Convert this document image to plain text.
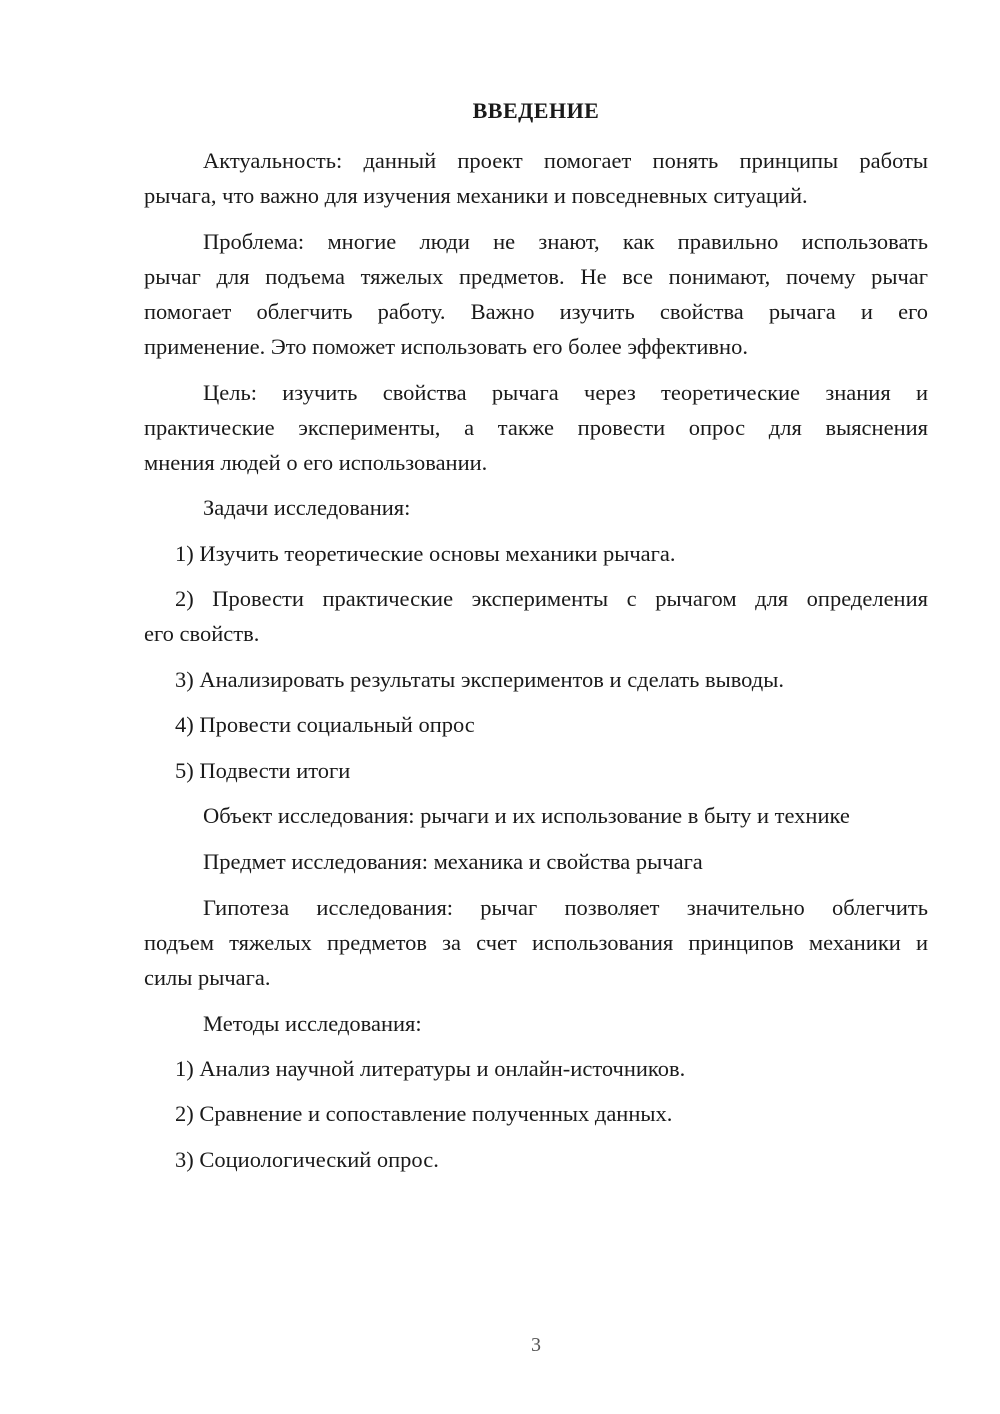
ВВЕДЕНИЕ
Актуальность: данный проект помогает понять принципы работы
рычага, что важно для изучения механики и повседневных ситуаций.
Проблема: многие люди не знают, как правильно использовать
рычаг для подъема тяжелых предметов. Не все понимают, почему рычаг
помогает облегчить работу. Важно изучить свойства рычага и его
применение. Это поможет использовать его более эффективно.
Цель: изучить свойства рычага через теоретические знания и
практические эксперименты, а также провести опрос для выяснения
мнения людей о его использовании.
Задачи исследования:
1) Изучить теоретические основы механики рычага.
2) Провести практические эксперименты с рычагом для определения
его свойств.
3) Анализировать результаты экспериментов и сделать выводы.
4) Провести социальный опрос
5) Подвести итоги
Объект исследования: рычаги и их использование в быту и технике
Предмет исследования: механика и свойства рычага
Гипотеза исследования: рычаг позволяет значительно облегчить
подъем тяжелых предметов за счет использования принципов механики и
силы рычага.
Методы исследования:
1) Анализ научной литературы и онлайн-источников.
2) Сравнение и сопоставление полученных данных.
3) Социологический опрос.
3
